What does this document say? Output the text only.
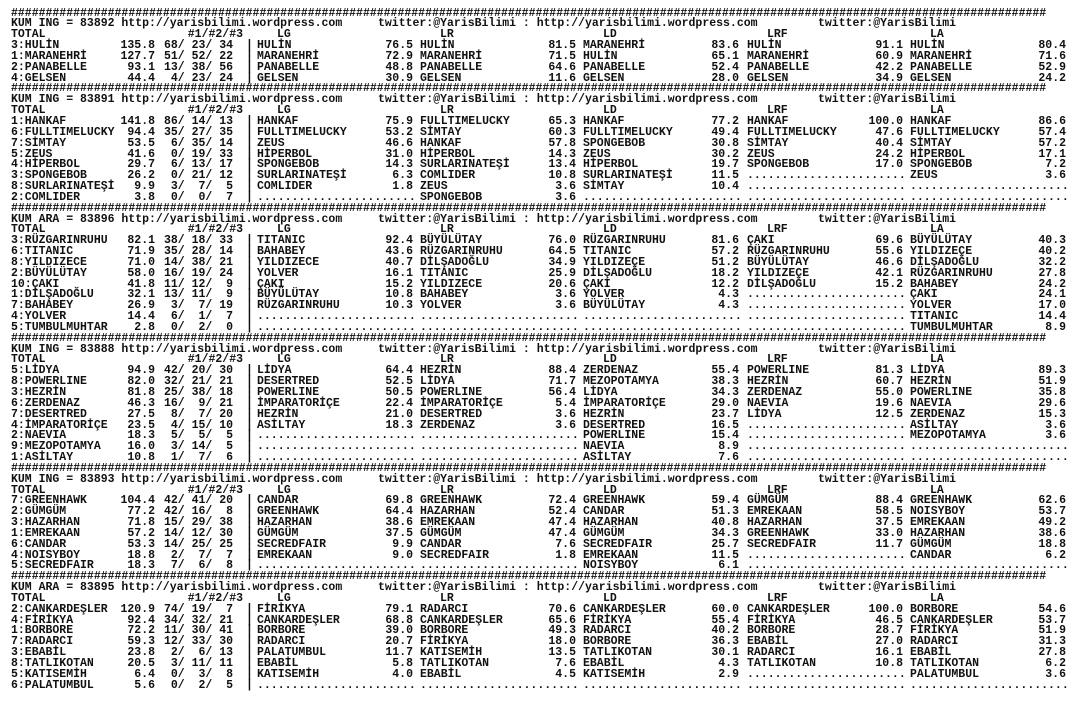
######################################################################################################################################################
KUM ING = 83892 http://yarisbilimi.wordpress.com	twitter:@YarisBilimi : http://yarisbilimi.wordpress.com	twitter:@YarisBilimi
TOTAL	#1/#2/#3	LG	LR	LD	LRF	LA
3:HULİN	135.8 68/ 23/ 34 | HULİN	76.5 HULİN	81.5 MARANEHRİ	83.6 HULİN	91.1 HULİN	80.4
1:MARANEHRİ	127.7 51/ 52/ 22 | MARANEHRİ	72.9 MARANEHRİ	71.5 HULİN	65.1 MARANEHRİ	60.9 MARANEHRİ	71.6
2:PANABELLE	93.1 13/ 38/ 56 | PANABELLE	48.8 PANABELLE	64.6 PANABELLE	52.4 PANABELLE	42.2 PANABELLE	52.9
4:GELSEN	44.4 4/ 23/ 24 | GELSEN	30.9 GELSEN	11.6 GELSEN	28.0 GELSEN	34.9 GELSEN	24.2
######################################################################################################################################################
KUM ING = 83891 http://yarisbilimi.wordpress.com	twitter:@YarisBilimi : http://yarisbilimi.wordpress.com	twitter:@YarisBilimi
TOTAL	#1/#2/#3	LG	LR	LD	LRF	LA
1:HANKAF	141.8 86/ 14/ 13 | HANKAF	75.9 FULLTIMELUCKY	65.3 HANKAF	77.2 HANKAF	100.0 HANKAF	86.6
6:FULLTIMELUCKY 94.4 35/ 27/ 35 | FULLTIMELUCKY	53.2 SİMTAY	60.3 FULLTIMELUCKY	49.4 FULLTIMELUCKY	47.6 FULLTIMELUCKY	57.4
7:SİMTAY	53.5 6/ 35/ 14 | ZEUS	46.6 HANKAF	57.8 SPONGEBOB	30.8 SİMTAY	40.4 SİMTAY	57.2
5:ZEUS	41.6 0/ 19/ 33 | HİPERBOL	31.0 HİPERBOL	14.3 ZEUS	30.2 ZEUS	24.2 HİPERBOL	17.1
4:HİPERBOL	29.7 6/ 13/ 17 | SPONGEBOB	14.3 SURLARINATEŞİ	13.4 HİPERBOL	19.7 SPONGEBOB	17.0 SPONGEBOB	7.2
3:SPONGEBOB	26.2 0/ 21/ 12 | SURLARINATEŞİ	6.3 COMLIDER	10.8 SURLARINATEŞİ	11.5 ....................... ZEUS	3.6
8:SURLARINATEŞİ 9.9 3/  7/  5 | COMLIDER	1.8 ZEUS	3.6 SİMTAY	10.4 ....................... .......................
2:COMLIDER	3.8 0/  0/  7 | ....................... SPONGEBOB	3.6 ....................... ....................... .......................
######################################################################################################################################################
KUM ARA = 83896 http://yarisbilimi.wordpress.com	twitter:@YarisBilimi : http://yarisbilimi.wordpress.com	twitter:@YarisBilimi
TOTAL	#1/#2/#3	LG	LR	LD	LRF	LA
3:RÜZGARINRUHU 82.1 38/ 18/ 33 | TITANIC	92.4 BÜYÜLÜTAY	76.0 RÜZGARINRUHU	81.6 ÇAKI	69.6 BÜYÜLÜTAY	40.3
6:TITANIC	71.9 35/ 28/ 14 | BAHABEY	43.6 RÜZGARINRUHU	64.5 TITANIC	57.2 RÜZGARINRUHU	55.6 YILDIZEÇE	40.2
8:YILDIZECE	71.0 14/ 38/ 21 | YILDIZECE	40.7 DİLŞADOĞLU	34.9 YILDIZEÇE	51.2 BÜYÜLÜTAY	46.6 DİLŞADOĞLU	32.2
2:BÜYÜLÜTAY	58.0 16/ 19/ 24 | YOLVER	16.1 TITANIC	25.9 DİLŞADOĞLU	18.2 YILDIZEÇE	42.1 RÜZGARINRUHU	27.8
10:ÇAKI	41.8 11/ 12/  9 | ÇAKI	15.2 YILDIZECE	20.6 ÇAKI	12.2 DİLŞADOĞLU	15.2 BAHABEY	24.2
1:DİLŞADOĞLU	32.1 13/ 11/  9 | BÜYÜLÜTAY	10.8 BAHABEY	3.6 YOLVER	4.3 ....................... ÇAKI	24.1
7:BAHABEY	26.9 3/  7/ 19 | RÜZGARINRUHU	10.3 YOLVER	3.6 BÜYÜLÜTAY	4.3 ....................... YOLVER	17.0
4:YOLVER	14.4 6/  1/  7 | ....................... ....................... ....................... ....................... TITANIC	14.4
5:TUMBULMUHTAR 2.8 0/  2/  0 | ....................... ....................... ....................... ....................... TUMBULMUHTAR	8.9
######################################################################################################################################################
KUM ING = 83888 http://yarisbilimi.wordpress.com	twitter:@YarisBilimi : http://yarisbilimi.wordpress.com	twitter:@YarisBilimi
TOTAL	#1/#2/#3	LG	LR	LD	LRF	LA
5:LİDYA	94.9 42/ 20/ 30 | LİDYA	64.4 HEZRİN	88.4 ZERDENAZ	55.4 POWERLINE	81.3 LİDYA	89.3
8:POWERLINE	82.0 32/ 21/ 21 | DESERTRED	52.5 LİDYA	71.7 MEZOPOTAMYA	38.3 HEZRİN	60.7 HEZRİN	51.9
3:HEZRİN	81.8 25/ 38/ 18 | POWERLINE	50.5 POWERLINE	56.4 LİDYA	34.3 ZERDENAZ	55.0 POWERLINE	35.8
6:ZERDENAZ	46.3 16/  9/ 21 | İMPARATORİÇE	22.4 İMPARATORİÇE	5.4 İMPARATORİÇE	29.0 NAEVIA	19.6 NAEVIA	29.6
7:DESERTRED	27.5 8/  7/ 20 | HEZRİN	21.0 DESERTRED	3.6 HEZRİN	23.7 LİDYA	12.5 ZERDENAZ	15.3
4:İMPARATORİÇE 23.5 4/ 15/ 10 | ASİLTAY	18.3 ZERDENAZ	3.6 DESERTRED	16.5 ....................... ASİLTAY	3.6
2:NAEVIA	18.3 5/  5/  5 | ....................... ....................... POWERLINE	15.4 ....................... MEZOPOTAMYA	3.6
9:MEZOPOTAMYA 16.0 3/ 14/  5 | ....................... ....................... NAEVIA	8.9 ....................... .......................
1:ASİLTAY	10.8 1/  7/  6 | ....................... ....................... ASİLTAY	7.6 ....................... .......................
######################################################################################################################################################
KUM ING = 83893 http://yarisbilimi.wordpress.com	twitter:@YarisBilimi : http://yarisbilimi.wordpress.com	twitter:@YarisBilimi
TOTAL	#1/#2/#3	LG	LR	LD	LRF	LA
7:GREENHAWK	104.4 42/ 41/ 20 | CANDAR	69.8 GREENHAWK	72.4 GREENHAWK	59.4 GÜMGÜM	88.4 GREENHAWK	62.6
2:GÜMGÜM	77.2 42/ 16/  8 | GREENHAWK	64.4 HAZARHAN	52.4 CANDAR	51.3 EMREKAAN	58.5 NOISYBOY	53.7
3:HAZARHAN	71.8 15/ 29/ 38 | HAZARHAN	38.6 EMREKAAN	47.4 HAZARHAN	40.8 HAZARHAN	37.5 EMREKAAN	49.2
1:EMREKAAN	57.2 14/ 12/ 30 | GÜMGÜM	37.5 GÜMGÜM	47.4 GÜMGÜM	34.3 GREENHAWK	33.0 HAZARHAN	38.6
6:CANDAR	53.3 14/ 25/ 25 | SECREDFAIR	9.9 CANDAR	7.6 SECREDFAIR	25.7 SECREDFAIR	11.7 GÜMGÜM	18.8
4:NOISYBOY	18.8 2/  7/  7 | EMREKAAN	9.0 SECREDFAIR	1.8 EMREKAAN	11.5 ....................... CANDAR	6.2
5:SECREDFAIR	18.3 7/  6/  8 | ....................... ....................... NOISYBOY	6.1 ....................... .......................
######################################################################################################################################################
KUM ARA = 83895 http://yarisbilimi.wordpress.com	twitter:@YarisBilimi : http://yarisbilimi.wordpress.com	twitter:@YarisBilimi
TOTAL	#1/#2/#3	LG	LR	LD	LRF	LA
2:CANKARDEŞLER 120.9 74/ 19/  7 | FİRİKYA	79.1 RADARCI	70.6 CANKARDEŞLER	60.0 CANKARDEŞLER	100.0 BORBORE	54.6
4:FİRİKYA	92.4 34/ 32/ 21 | CANKARDEŞLER	68.8 CANKARDEŞLER	65.6 FİRİKYA	55.4 FİRİKYA	46.5 CANKARDEŞLER	53.7
1:BORBORE	72.2 11/ 30/ 41 | BORBORE	39.0 BORBORE	49.3 RADARCI	40.2 BORBORE	28.7 FİRİKYA	51.9
7:RADARCI	59.3 12/ 33/ 30 | RADARCI	20.7 FİRİKYA	18.0 BORBORE	36.3 EBABİL	27.0 RADARCI	31.3
3:EBABİL	23.8 2/  6/ 13 | PALATUMBUL	11.7 KATISEMİH	13.5 TATLIKOTAN	30.1 RADARCI	16.1 EBABİL	27.8
8:TATLIKOTAN	20.5 3/ 11/ 11 | EBABİL	5.8 TATLIKOTAN	7.6 EBABİL	4.3 TATLIKOTAN	10.8 TATLIKOTAN	6.2
5:KATISEMİH	6.4 0/  3/  8 | KATISEMİH	4.0 EBABİL	4.5 KATISEMİH	2.9 ....................... PALATUMBUL	3.6
6:PALATUMBUL	5.6 0/  2/  5 | ....................... ....................... ....................... ....................... .......................
